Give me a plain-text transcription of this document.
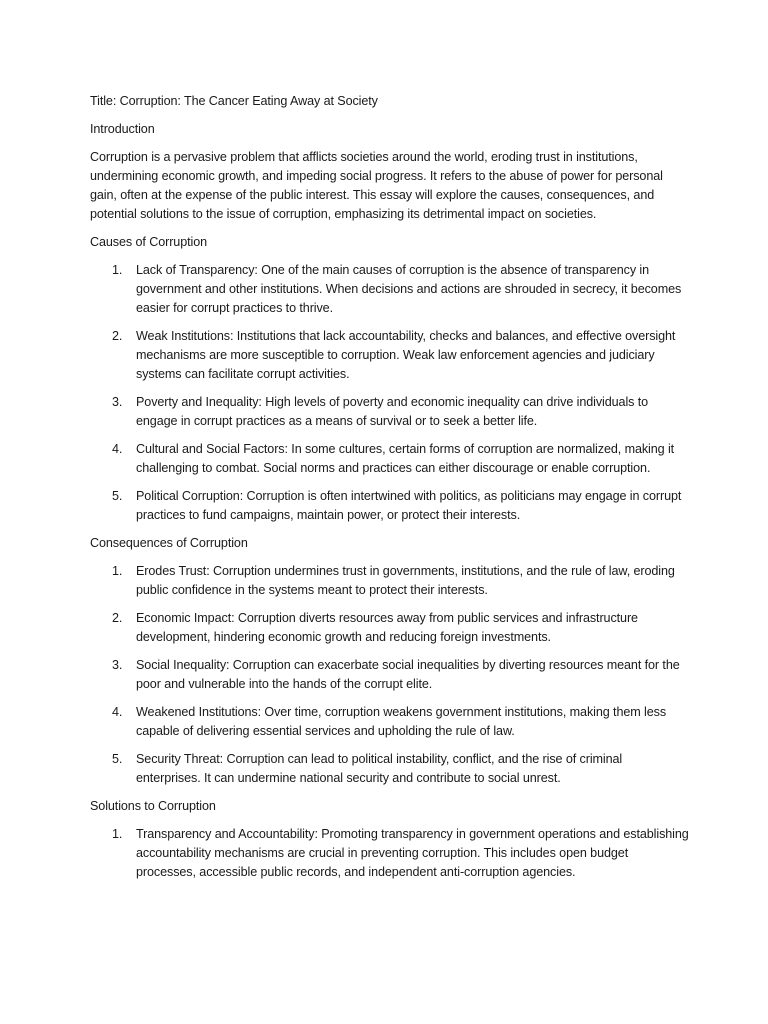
Title: Corruption: The Cancer Eating Away at Society

Introduction

Corruption is a pervasive problem that afflicts societies around the world, eroding trust in institutions, undermining economic growth, and impeding social progress. It refers to the abuse of power for personal gain, often at the expense of the public interest. This essay will explore the causes, consequences, and potential solutions to the issue of corruption, emphasizing its detrimental impact on societies.

Causes of Corruption

1. Lack of Transparency: One of the main causes of corruption is the absence of transparency in government and other institutions. When decisions and actions are shrouded in secrecy, it becomes easier for corrupt practices to thrive.
2. Weak Institutions: Institutions that lack accountability, checks and balances, and effective oversight mechanisms are more susceptible to corruption. Weak law enforcement agencies and judiciary systems can facilitate corrupt activities.
3. Poverty and Inequality: High levels of poverty and economic inequality can drive individuals to engage in corrupt practices as a means of survival or to seek a better life.
4. Cultural and Social Factors: In some cultures, certain forms of corruption are normalized, making it challenging to combat. Social norms and practices can either discourage or enable corruption.
5. Political Corruption: Corruption is often intertwined with politics, as politicians may engage in corrupt practices to fund campaigns, maintain power, or protect their interests.

Consequences of Corruption

1. Erodes Trust: Corruption undermines trust in governments, institutions, and the rule of law, eroding public confidence in the systems meant to protect their interests.
2. Economic Impact: Corruption diverts resources away from public services and infrastructure development, hindering economic growth and reducing foreign investments.
3. Social Inequality: Corruption can exacerbate social inequalities by diverting resources meant for the poor and vulnerable into the hands of the corrupt elite.
4. Weakened Institutions: Over time, corruption weakens government institutions, making them less capable of delivering essential services and upholding the rule of law.
5. Security Threat: Corruption can lead to political instability, conflict, and the rise of criminal enterprises. It can undermine national security and contribute to social unrest.

Solutions to Corruption

1. Transparency and Accountability: Promoting transparency in government operations and establishing accountability mechanisms are crucial in preventing corruption. This includes open budget processes, accessible public records, and independent anti-corruption agencies.
